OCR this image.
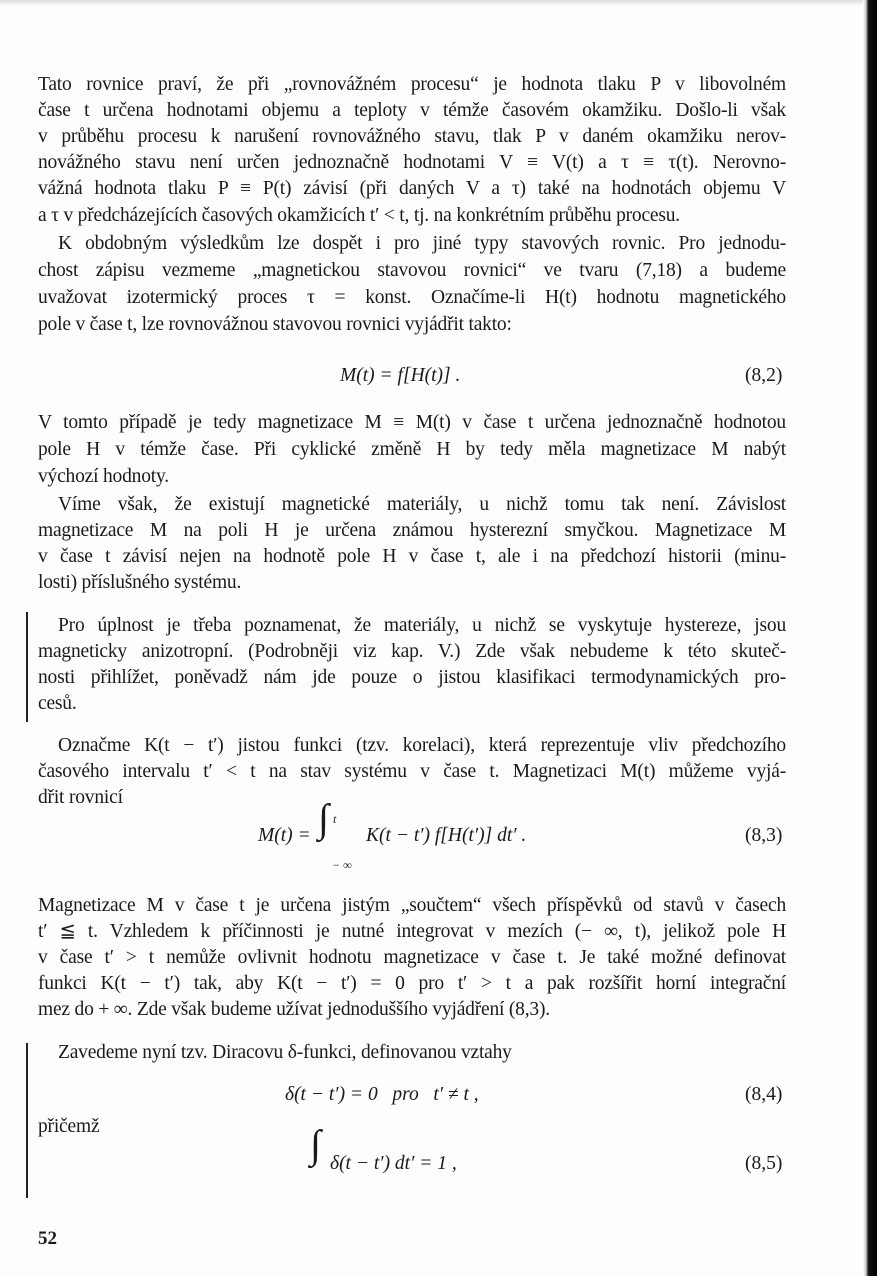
Tato rovnice praví, že při „rovnovážném procesu“ je hodnota tlaku P v libovolném
čase t určena hodnotami objemu a teploty v témže časovém okamžiku. Došlo-li však
v průběhu procesu k narušení rovnovážného stavu, tlak P v daném okamžiku nerov-
novážného stavu není určen jednoznačně hodnotami V ≡ V(t) a τ ≡ τ(t). Nerovno-
vážná hodnota tlaku P ≡ P(t) závisí (při daných V a τ) také na hodnotách objemu V
a τ v předcházejících časových okamžicích t′ < t, tj. na konkrétním průběhu procesu.
K obdobným výsledkům lze dospět i pro jiné typy stavových rovnic. Pro jednodu-
chost zápisu vezmeme „magnetickou stavovou rovnici“ ve tvaru (7,18) a budeme
uvažovat izotermický proces τ = konst. Označíme-li H(t) hodnotu magnetického
pole v čase t, lze rovnovážnou stavovou rovnici vyjádřit takto:
V tomto případě je tedy magnetizace M ≡ M(t) v čase t určena jednoznačně hodnotou
pole H v témže čase. Při cyklické změně H by tedy měla magnetizace M nabýt
výchozí hodnoty.
Víme však, že existují magnetické materiály, u nichž tomu tak není. Závislost
magnetizace M na poli H je určena známou hysterezní smyčkou. Magnetizace M
v čase t závisí nejen na hodnotě pole H v čase t, ale i na předchozí historii (minu-
losti) příslušného systému.
Pro úplnost je třeba poznamenat, že materiály, u nichž se vyskytuje hystereze, jsou
magneticky anizotropní. (Podrobněji viz kap. V.) Zde však nebudeme k této skuteč-
nosti přihlížet, poněvadž nám jde pouze o jistou klasifikaci termodynamických pro-
cesů.
Označme K(t − t′) jistou funkci (tzv. korelaci), která reprezentuje vliv předchozího
časového intervalu t′ < t na stav systému v čase t. Magnetizaci M(t) můžeme vyjá-
dřit rovnicí
Magnetizace M v čase t je určena jistým „součtem“ všech příspěvků od stavů v časech
t′ ≦ t. Vzhledem k příčinnosti je nutné integrovat v mezích (− ∞, t), jelikož pole H
v čase t′ > t nemůže ovlivnit hodnotu magnetizace v čase t. Je také možné definovat
funkci K(t − t′) tak, aby K(t − t′) = 0 pro t′ > t a pak rozšířit horní integrační
mez do + ∞. Zde však budeme užívat jednoduššího vyjádření (8,3).
Zavedeme nyní tzv. Diracovu δ-funkci, definovanou vztahy
přičemž
M(t) = f[H(t)] .	(8,2)
M(t) = ∫ t
− ∞
K(t − t′) f[H(t′)] dt′ .	(8,3)
δ(t − t′) = 0   pro   t′ ≠ t ,	(8,4)
∫ δ(t − t′) dt′ = 1 ,	(8,5)
52
